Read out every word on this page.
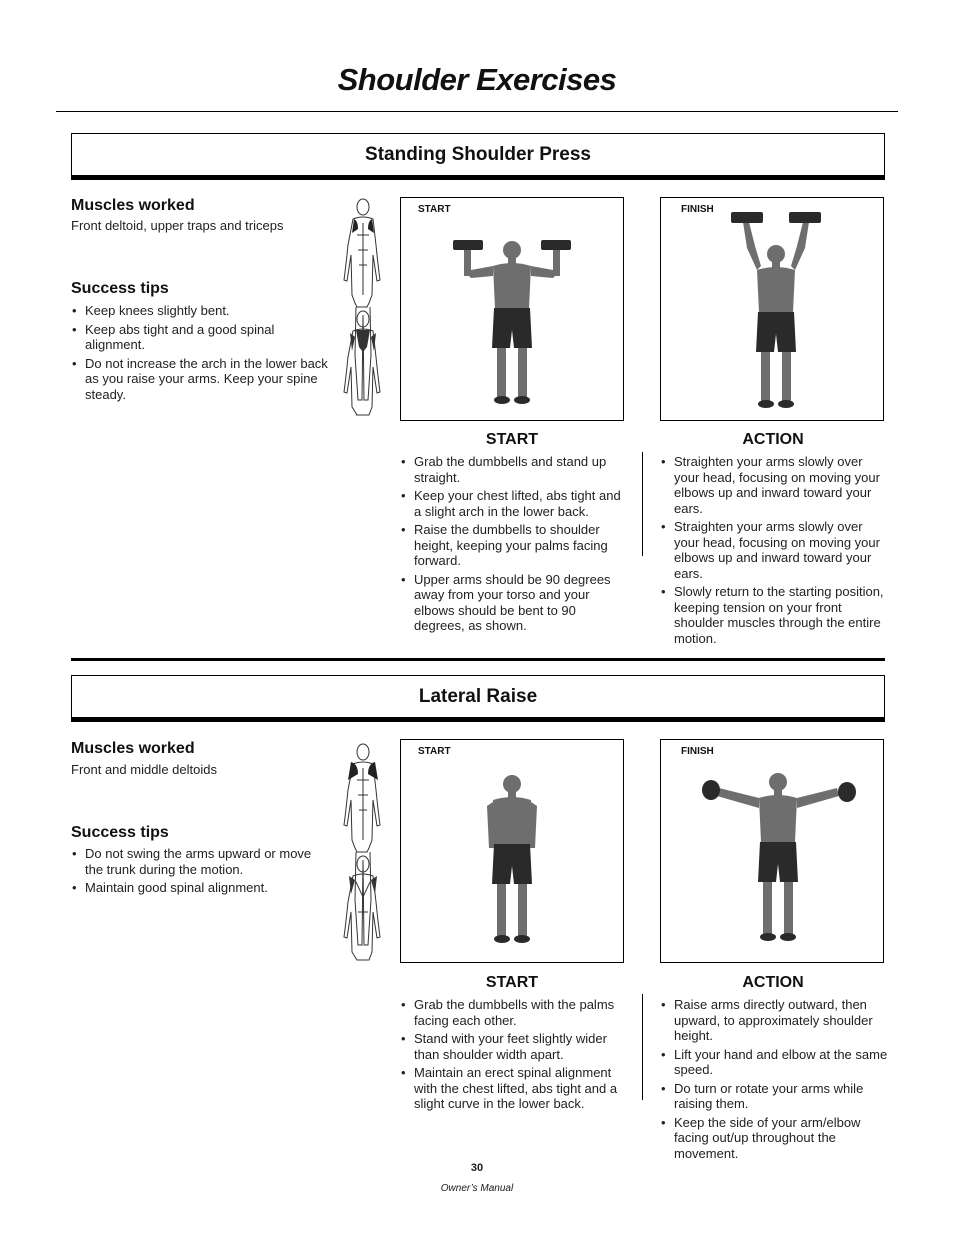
Shoulder Exercises
Standing Shoulder Press
Muscles worked
Front deltoid, upper traps and triceps
Success tips
• Keep knees slightly bent.
• Keep abs tight and a good spinal alignment.
• Do not increase the arch in the lower back as you raise your arms. Keep your spine steady.
START	FINISH
START
• Grab the dumbbells and stand up straight.
• Keep your chest lifted, abs tight and a slight arch in the lower back.
• Raise the dumbbells to shoulder height, keeping your palms facing forward.
• Upper arms should be 90 degrees away from your torso and your elbows should be bent to 90 degrees, as shown.
ACTION
• Straighten your arms slowly over your head, focusing on moving your elbows up and inward toward your ears.
• Straighten your arms slowly over your head, focusing on moving your elbows up and inward toward your ears.
• Slowly return to the starting position, keeping tension on your front shoulder muscles through the entire motion.
Lateral Raise
Muscles worked
Front and middle deltoids
Success tips
• Do not swing the arms upward or move the trunk during the motion.
• Maintain good spinal alignment.
START	FINISH
START
• Grab the dumbbells with the palms facing each other.
• Stand with your feet slightly wider than shoulder width apart.
• Maintain an erect spinal alignment with the chest lifted, abs tight and a slight curve in the lower back.
ACTION
• Raise arms directly outward, then upward, to approximately shoulder height.
• Lift your hand and elbow at the same speed.
• Do turn or rotate your arms while raising them.
• Keep the side of your arm/elbow facing out/up throughout the movement.
30
Owner’s Manual
